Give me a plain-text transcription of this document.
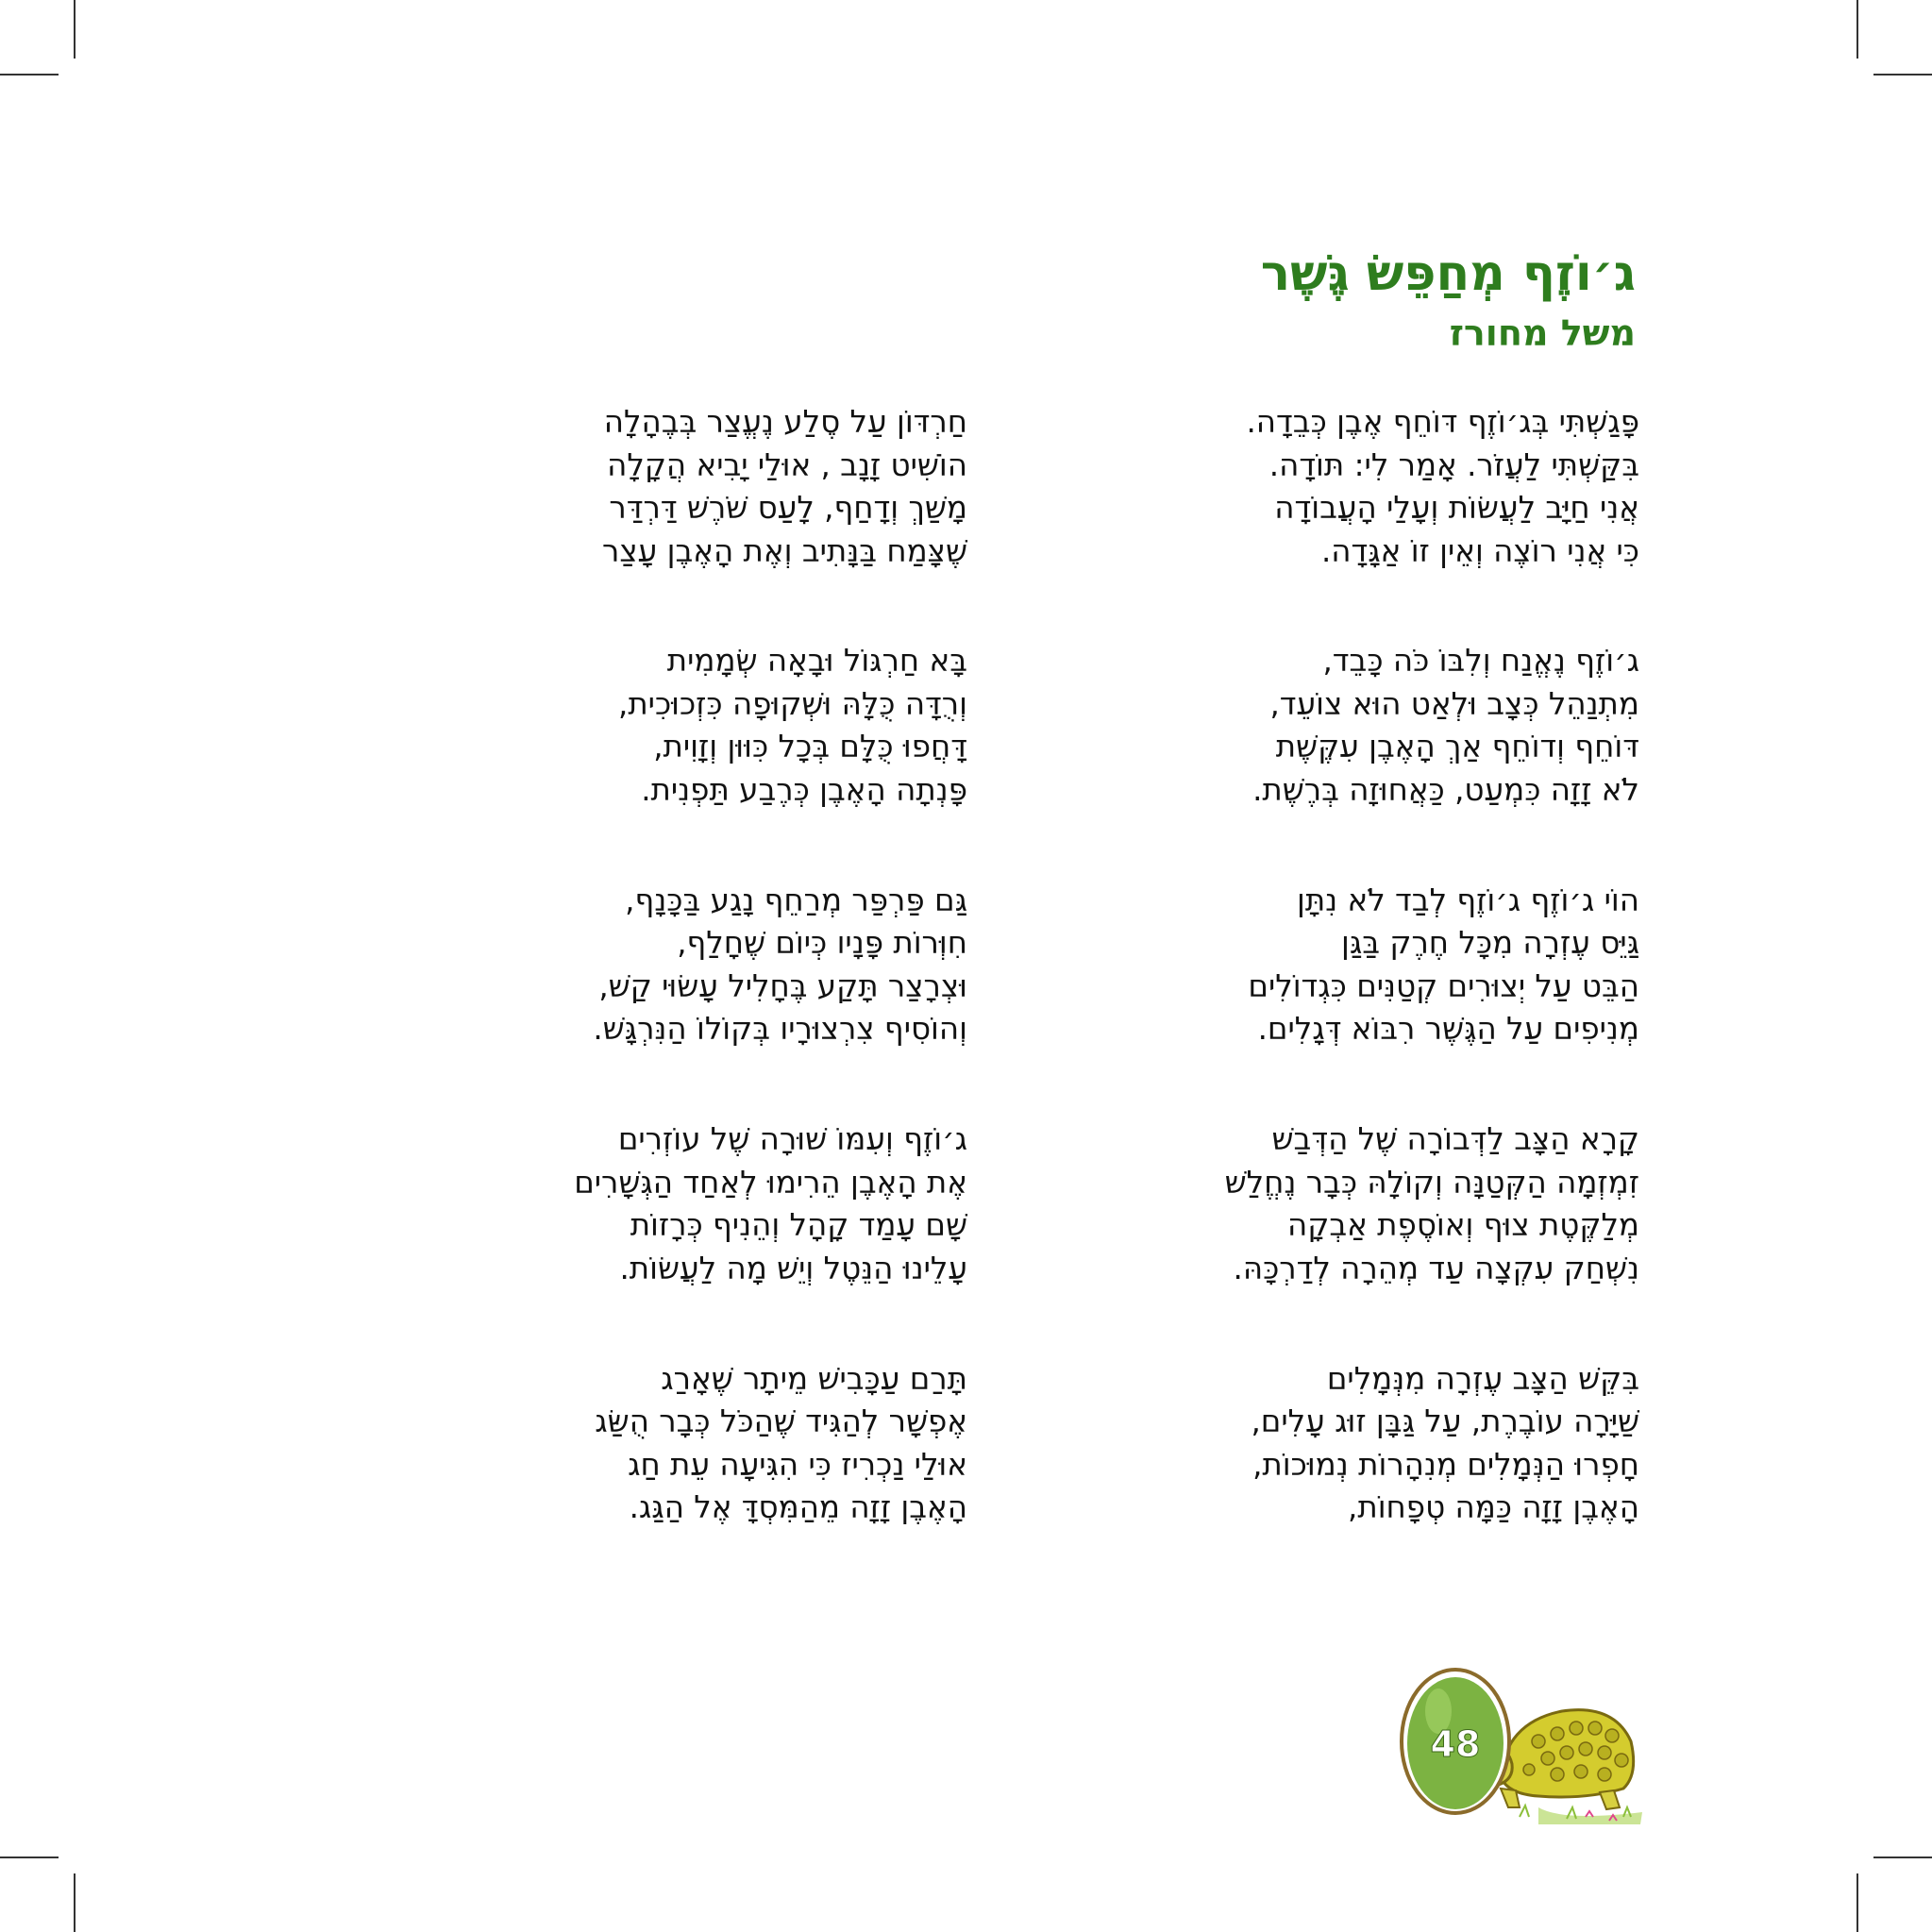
ג׳וֹזֶף מְחַפֵּשׂ גֶּשֶׁר
משל מחורז
פָּגַשְׁתִּי בְּג׳וֹזֶף דּוֹחֵף אֶבֶן כְּבֵדָה.
בִּקַּשְׁתִּי לַעֲזֹר. אָמַר לִי: תּוֹדָה.
אֲנִי חַיָּב לַעֲשׂוֹת וְעָלַי הָעֲבוֹדָה
כִּי אֲנִי רוֹצֶה וְאֵין זוֹ אַגָּדָה.
ג׳וֹזֶף נֶאֱנַח וְלִבּוֹ כֹּה כָּבֵד,
מִתְנַהֵל כְּצָב וּלְאַט הוּא צוֹעֵד,
דּוֹחֵף וְדוֹחֵף אַךְ הָאֶבֶן עִקֶּשֶׁת
לֹא זָזָה כִּמְעַט, כַּאֲחוּזָה בְּרֶשֶׁת.
הוֹי ג׳וֹזֶף ג׳וֹזֶף לְבַד לֹא נִתָּן
גַּיֵּס עֶזְרָה מִכָּל חֶרֶק בַּגַּן
הַבֵּט עַל יְצוּרִים קְטַנִּים כִּגְדוֹלִים
מְנִיפִים עַל הַגֶּשֶׁר רִבּוֹא דְּגָלִים.
קָרָא הַצָּב לַדְּבוֹרָה שֶׁל הַדְּבַשׁ
זִמְזְמָה הַקְּטַנָּה וְקוֹלָהּ כְּבָר נֶחֱלַשׁ
מְלַקֶּטֶת צוּף וְאוֹסֶפֶת אַבְקָה
נִשְׁחַק עִקְצָה עַד מְהֵרָה לְדַרְכָּהּ.
בִּקֵּשׁ הַצָּב עֶזְרָה מִנְּמָלִים
שַׁיָּרָה עוֹבֶרֶת, עַל גַּבָּן זוּג עָלִים,
חָפְרוּ הַנְּמָלִים מְנִהָרוֹת נְמוּכוֹת,
הָאֶבֶן זָזָה כַּמָּה טְפָחוֹת,
חַרְדּוֹן עַל סֶלַע נֶעֱצַר בְּבֶהָלָה
הוֹשִׁיט זָנָב , אוּלַי יָבִיא הֲקָלָה
מָשַׁךְ וְדָחַף, לָעַס שֹׁרֶשׁ דַּרְדַּר
שֶׁצָּמַח בַּנָּתִיב וְאֶת הָאֶבֶן עָצַר
בָּא חַרְגּוֹל וּבָאָה שְׂמָמִית
וְרֻדָּה כֻּלָּהּ וּשְׁקוּפָה כִּזְכוּכִית,
דָּחֲפוּ כֻּלָּם בְּכָל כִּוּוּן וְזָוִית,
פָּנְתָה הָאֶבֶן כְּרֶבַע תַּפְנִית.
גַּם פַּרְפַּר מְרַחֵף נָגַע בַּכָּנָף,
חִוְּרוֹת פָּנָיו כְּיוֹם שֶׁחָלַף,
וּצְרָצַר תָּקַע בֶּחָלִיל עָשׂוּי קַשׁ,
וְהוֹסִיף צִרְצוּרָיו בְּקוֹלוֹ הַנִּרְגָּשׁ.
ג׳וֹזֶף וְעִמּוֹ שׁוּרָה שֶׁל עוֹזְרִים
אֶת הָאֶבֶן הֵרִימוּ לְאַחַד הַגְּשָׁרִים
שָׁם עָמַד קָהָל וְהֵנִיף כְּרָזוֹת
עָלֵינוּ הַנֵּטֶל וְיֵשׁ מָה לַעֲשׂוֹת.
תָּרַם עַכָּבִישׁ מֵיתָר שֶׁאָרַג
אֶפְשָׁר לְהַגִּיד שֶׁהַכֹּל כְּבָר הֻשַּׂג
אוּלַי נַכְרִיז כִּי הִגִּיעָה עֵת חַג
הָאֶבֶן זָזָה מֵהַמִּסְדָּ אֶל הַגַּג.
48
